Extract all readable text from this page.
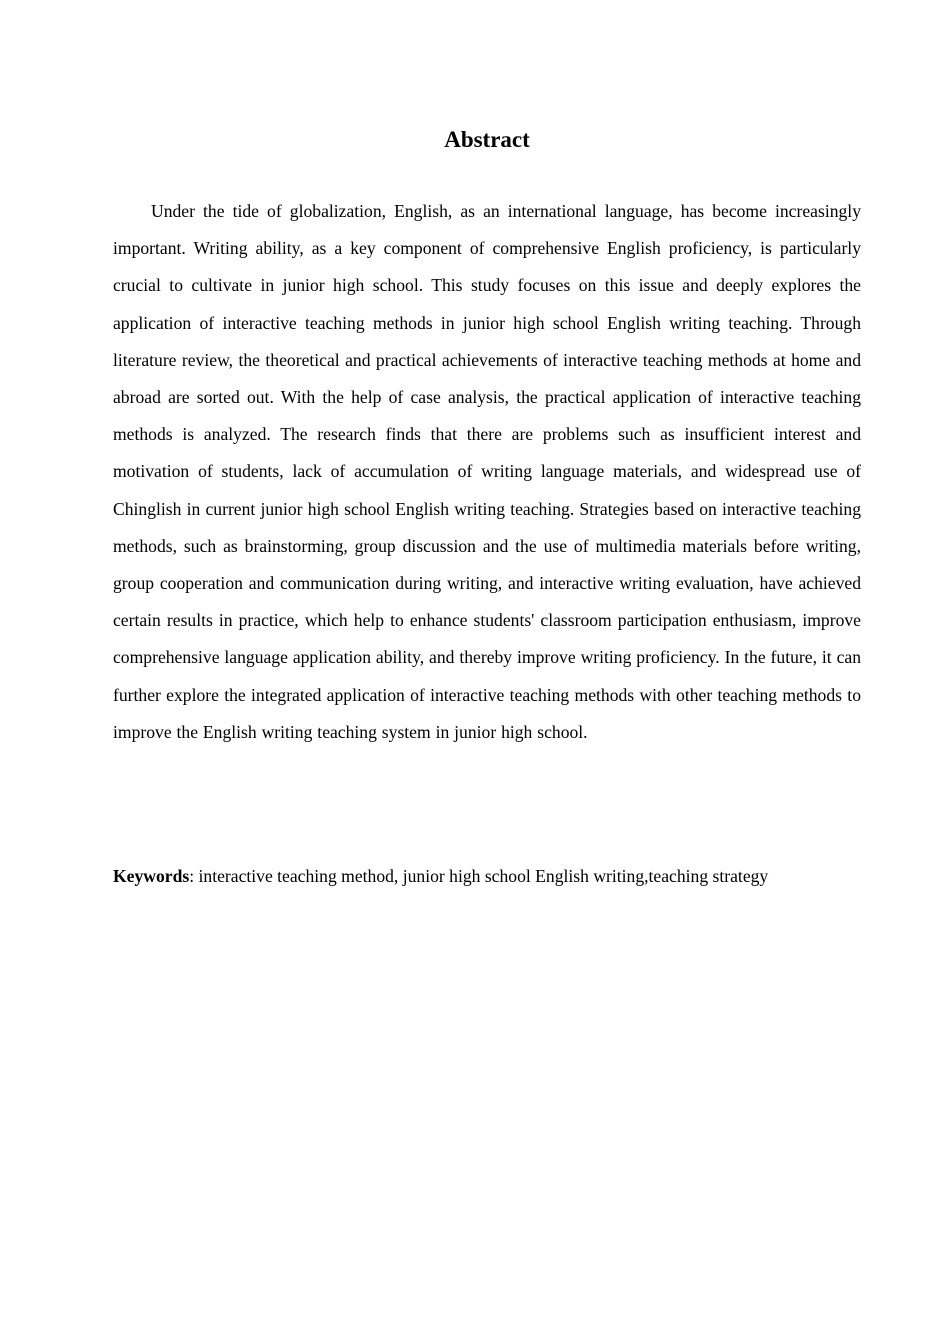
Abstract

Under the tide of globalization, English, as an international language, has become increasingly important. Writing ability, as a key component of comprehensive English proficiency, is particularly crucial to cultivate in junior high school. This study focuses on this issue and deeply explores the application of interactive teaching methods in junior high school English writing teaching. Through literature review, the theoretical and practical achievements of interactive teaching methods at home and abroad are sorted out. With the help of case analysis, the practical application of interactive teaching methods is analyzed. The research finds that there are problems such as insufficient interest and motivation of students, lack of accumulation of writing language materials, and widespread use of Chinglish in current junior high school English writing teaching. Strategies based on interactive teaching methods, such as brainstorming, group discussion and the use of multimedia materials before writing, group cooperation and communication during writing, and interactive writing evaluation, have achieved certain results in practice, which help to enhance students' classroom participation enthusiasm, improve comprehensive language application ability, and thereby improve writing proficiency. In the future, it can further explore the integrated application of interactive teaching methods with other teaching methods to improve the English writing teaching system in junior high school.

Keywords: interactive teaching method, junior high school English writing,teaching strategy
